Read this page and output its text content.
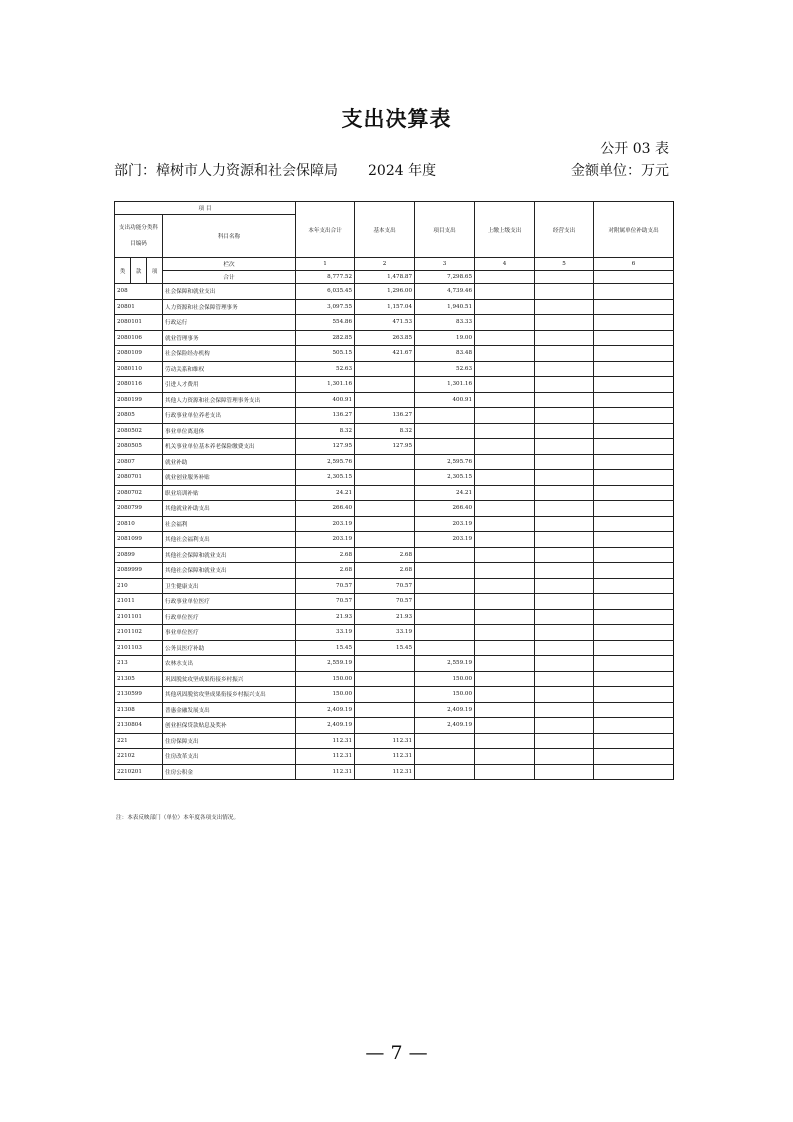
支出决算表
公开 03 表
部门：樟树市人力资源和社会保障局	2024 年度	金额单位：万元
项 目				本年支出合计	基本支出	项目支出	上缴上级支出	经营支出	对附属单位补助支出
支出功能分类科目编码			科目名称						

类	款	项	栏次	1	2	3	4	5	6
			合计	8,777.52	1,478.87	7,298.65			
208			社会保障和就业支出	6,035.45	1,296.00	4,739.46			
20801			人力资源和社会保障管理事务	3,097.55	1,157.04	1,940.51			
2080101			行政运行	554.86	471.53	83.33			
2080106			就业管理事务	282.85	263.85	19.00			
2080109			社会保险经办机构	505.15	421.67	83.48			
2080110			劳动关系和维权	52.63		52.63			
2080116			引进人才费用	1,301.16		1,301.16			
2080199			其他人力资源和社会保障管理事务支出	400.91		400.91			
20805			行政事业单位养老支出	136.27	136.27				
2080502			事业单位离退休	8.32	8.32				
2080505			机关事业单位基本养老保险缴费支出	127.95	127.95				
20807			就业补助	2,595.76		2,595.76			
2080701			就业创业服务补贴	2,305.15		2,305.15			
2080702			职业培训补贴	24.21		24.21			
2080799			其他就业补助支出	266.40		266.40			
20810			社会福利	203.19		203.19			
2081099			其他社会福利支出	203.19		203.19			
20899			其他社会保障和就业支出	2.68	2.68				
2089999			其他社会保障和就业支出	2.68	2.68				
210			卫生健康支出	70.57	70.57				
21011			行政事业单位医疗	70.57	70.57				
2101101			行政单位医疗	21.93	21.93				
2101102			事业单位医疗	33.19	33.19				
2101103			公务员医疗补助	15.45	15.45				
213			农林水支出	2,559.19		2,559.19			
21305			巩固脱贫攻坚成果衔接乡村振兴	150.00		150.00			
2130599			其他巩固脱贫攻坚成果衔接乡村振兴支出	150.00		150.00			
21308			普惠金融发展支出	2,409.19		2,409.19			
2130804			创业担保贷款贴息及奖补	2,409.19		2,409.19			
221			住房保障支出	112.31	112.31				
22102			住房改革支出	112.31	112.31				
2210201			住房公积金	112.31	112.31				
注：本表反映部门（单位）本年度各项支出情况。
— 7 —
